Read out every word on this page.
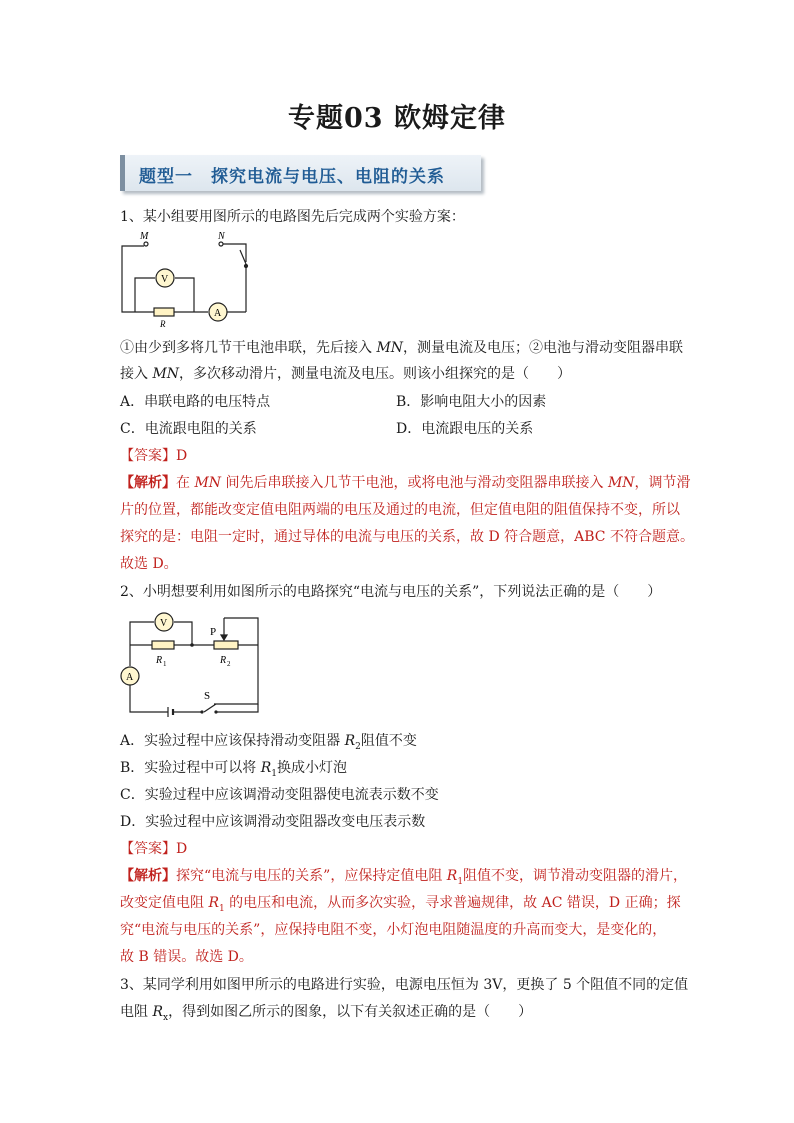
专题03 欧姆定律
题型一　探究电流与电压、电阻的关系
1、某小组要用图所示的电路图先后完成两个实验方案：
M	N
V
A
R
①由少到多将几节干电池串联，先后接入 MN，测量电流及电压；②电池与滑动变阻器串联
接入 MN，多次移动滑片，测量电流及电压。则该小组探究的是（　　）
A．串联电路的电压特点	B．影响电阻大小的因素
C．电流跟电阻的关系	D．电流跟电压的关系
【答案】D
【解析】在 MN 间先后串联接入几节干电池，或将电池与滑动变阻器串联接入 MN，调节滑
片的位置，都能改变定值电阻两端的电压及通过的电流，但定值电阻的阻值保持不变，所以
探究的是：电阻一定时，通过导体的电流与电压的关系，故 D 符合题意，ABC 不符合题意。
故选 D。
2、小明想要利用如图所示的电路探究“电流与电压的关系”，下列说法正确的是（　　）
V
A
P
S
R 1	R 2
A．实验过程中应该保持滑动变阻器 $R_2$阻值不变
B．实验过程中可以将 $R_1$换成小灯泡
C．实验过程中应该调滑动变阻器使电流表示数不变
D．实验过程中应该调滑动变阻器改变电压表示数
【答案】D
【解析】探究“电流与电压的关系”，应保持定值电阻 $R_1$阻值不变，调节滑动变阻器的滑片，
改变定值电阻 $R_1$ 的电压和电流，从而多次实验，寻求普遍规律，故 AC 错误，D 正确；探
究“电流与电压的关系”，应保持电阻不变，小灯泡电阻随温度的升高而变大，是变化的，
故 B 错误。故选 D。
3、某同学利用如图甲所示的电路进行实验，电源电压恒为 3V，更换了 5 个阻值不同的定值
电阻 $R_x$，得到如图乙所示的图象，以下有关叙述正确的是（　　）
